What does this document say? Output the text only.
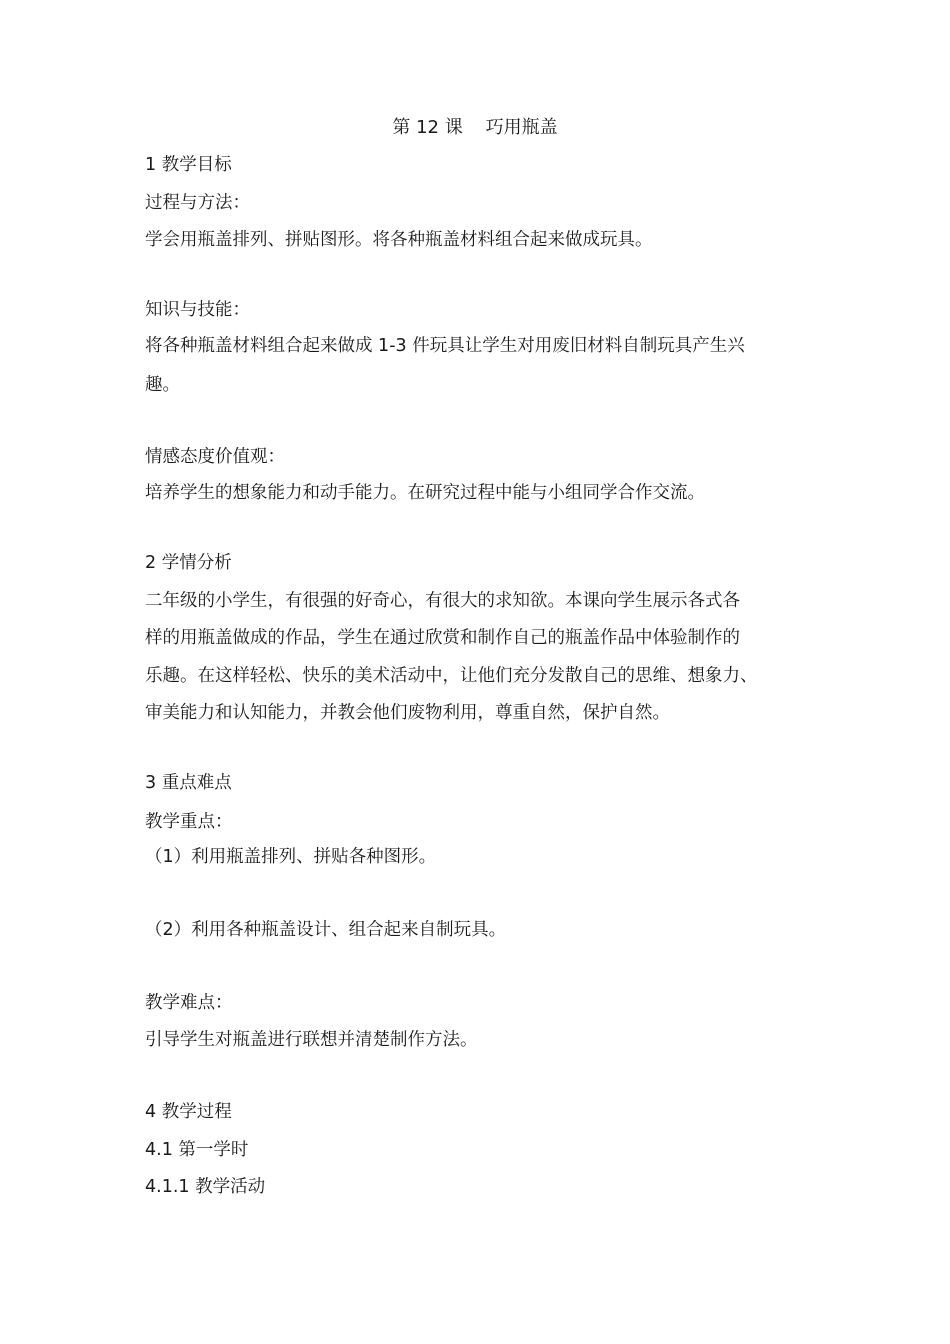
第 12 课    巧用瓶盖
1 教学目标
过程与方法：
学会用瓶盖排列、拼贴图形。将各种瓶盖材料组合起来做成玩具。
知识与技能：
将各种瓶盖材料组合起来做成 1-3 件玩具让学生对用废旧材料自制玩具产生兴
趣。
情感态度价值观：
培养学生的想象能力和动手能力。在研究过程中能与小组同学合作交流。
2 学情分析
二年级的小学生，有很强的好奇心，有很大的求知欲。本课向学生展示各式各
样的用瓶盖做成的作品，学生在通过欣赏和制作自己的瓶盖作品中体验制作的
乐趣。在这样轻松、快乐的美术活动中，让他们充分发散自己的思维、想象力、
审美能力和认知能力，并教会他们废物利用，尊重自然，保护自然。
3 重点难点
教学重点：
（1）利用瓶盖排列、拼贴各种图形。
（2）利用各种瓶盖设计、组合起来自制玩具。
教学难点：
引导学生对瓶盖进行联想并清楚制作方法。
4 教学过程
4.1 第一学时
4.1.1 教学活动
